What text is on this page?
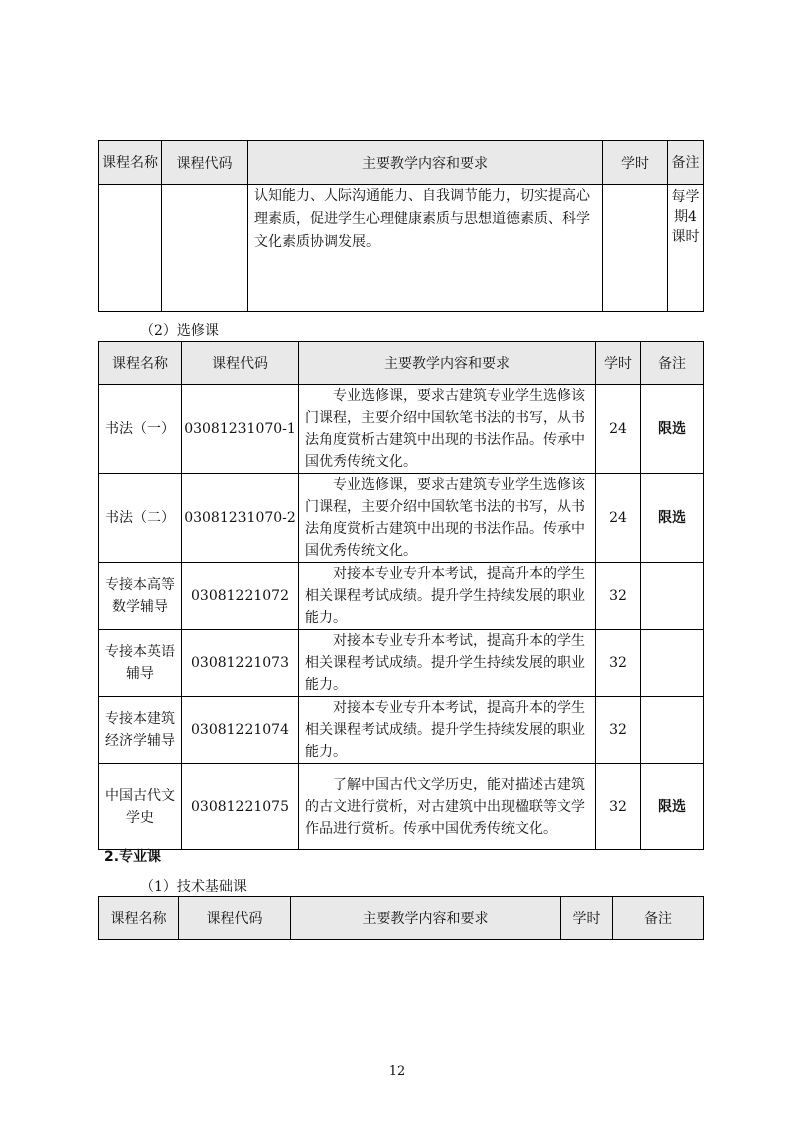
课程名称	课程代码	主要教学内容和要求	学时	备注
		认知能力、人际沟通能力、自我调节能力，切实提高心理素质，促进学生心理健康素质与思想道德素质、科学文化素质协调发展。		每学期4课时
（2）选修课
课程名称	课程代码	主要教学内容和要求	学时	备注
书法（一）	03081231070-1	专业选修课，要求古建筑专业学生选修该门课程，主要介绍中国软笔书法的书写，从书法角度赏析古建筑中出现的书法作品。传承中国优秀传统文化。	24	限选
书法（二）	03081231070-2	专业选修课，要求古建筑专业学生选修该门课程，主要介绍中国软笔书法的书写，从书法角度赏析古建筑中出现的书法作品。传承中国优秀传统文化。	24	限选
专接本高等数学辅导	03081221072	对接本专业专升本考试，提高升本的学生相关课程考试成绩。提升学生持续发展的职业能力。	32	
专接本英语辅导	03081221073	对接本专业专升本考试，提高升本的学生相关课程考试成绩。提升学生持续发展的职业能力。	32	
专接本建筑经济学辅导	03081221074	对接本专业专升本考试，提高升本的学生相关课程考试成绩。提升学生持续发展的职业能力。	32	
中国古代文学史	03081221075	了解中国古代文学历史，能对描述古建筑的古文进行赏析，对古建筑中出现楹联等文学作品进行赏析。传承中国优秀传统文化。	32	限选
2.专业课
（1）技术基础课
课程名称	课程代码	主要教学内容和要求	学时	备注
12
